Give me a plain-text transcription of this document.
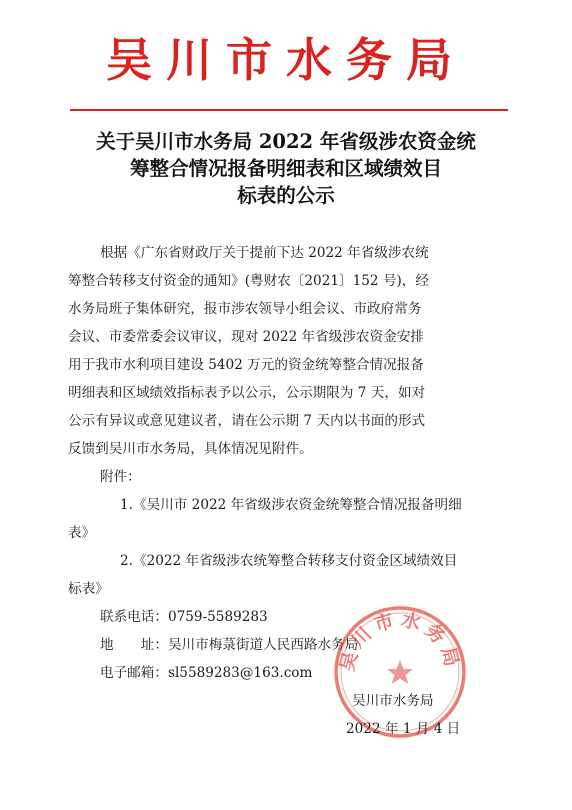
吴川市水务局
关于吴川市水务局 2022 年省级涉农资金统
筹整合情况报备明细表和区域绩效目
标表的公示
根据《广东省财政厅关于提前下达 2022 年省级涉农统
筹整合转移支付资金的通知》(粤财农〔2021〕152 号)，经
水务局班子集体研究，报市涉农领导小组会议、市政府常务
会议、市委常委会议审议，现对 2022 年省级涉农资金安排
用于我市水利项目建设 5402 万元的资金统筹整合情况报备
明细表和区域绩效指标表予以公示，公示期限为 7 天，如对
公示有异议或意见建议者，请在公示期 7 天内以书面的形式
反馈到吴川市水务局，具体情况见附件。
附件：
1.《吴川市 2022 年省级涉农资金统筹整合情况报备明细
表》
2.《2022 年省级涉农统筹整合转移支付资金区域绩效目
标表》
联系电话：0759-5589283
地　　址：吴川市梅菉街道人民西路水务局
电子邮箱：sl5589283@163.com
吴川市水务局
2022 年 1 月 4 日
吴川市水务局
